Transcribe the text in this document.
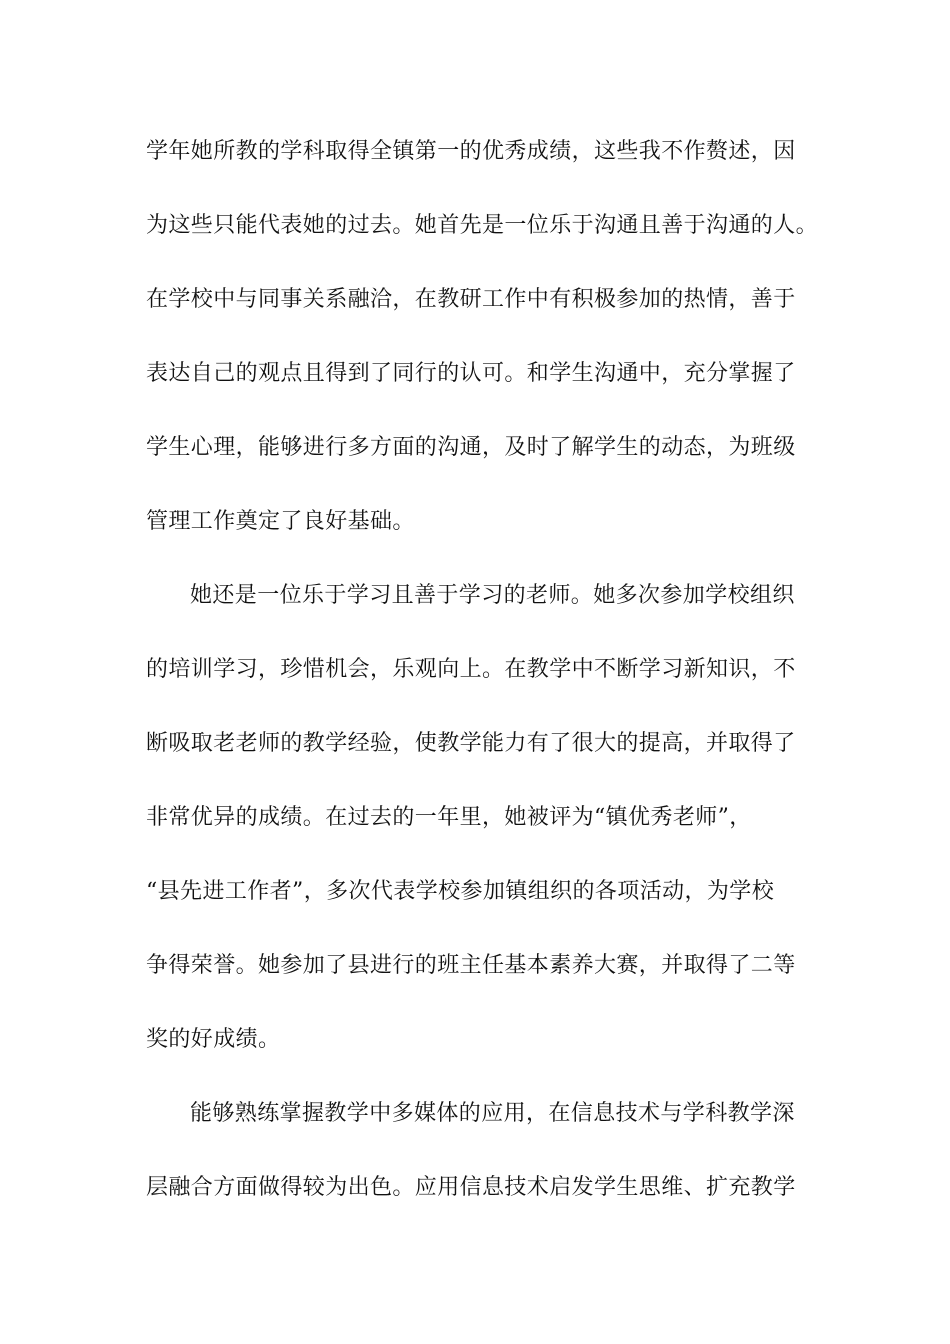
学年她所教的学科取得全镇第一的优秀成绩，这些我不作赘述，因
为这些只能代表她的过去。她首先是一位乐于沟通且善于沟通的人。
在学校中与同事关系融洽，在教研工作中有积极参加的热情，善于
表达自己的观点且得到了同行的认可。和学生沟通中，充分掌握了
学生心理，能够进行多方面的沟通，及时了解学生的动态，为班级
管理工作奠定了良好基础。
她还是一位乐于学习且善于学习的老师。她多次参加学校组织
的培训学习，珍惜机会，乐观向上。在教学中不断学习新知识，不
断吸取老老师的教学经验，使教学能力有了很大的提高，并取得了
非常优异的成绩。在过去的一年里，她被评为“镇优秀老师”，
“县先进工作者”，多次代表学校参加镇组织的各项活动，为学校
争得荣誉。她参加了县进行的班主任基本素养大赛，并取得了二等
奖的好成绩。
能够熟练掌握教学中多媒体的应用，在信息技术与学科教学深
层融合方面做得较为出色。应用信息技术启发学生思维、扩充教学
